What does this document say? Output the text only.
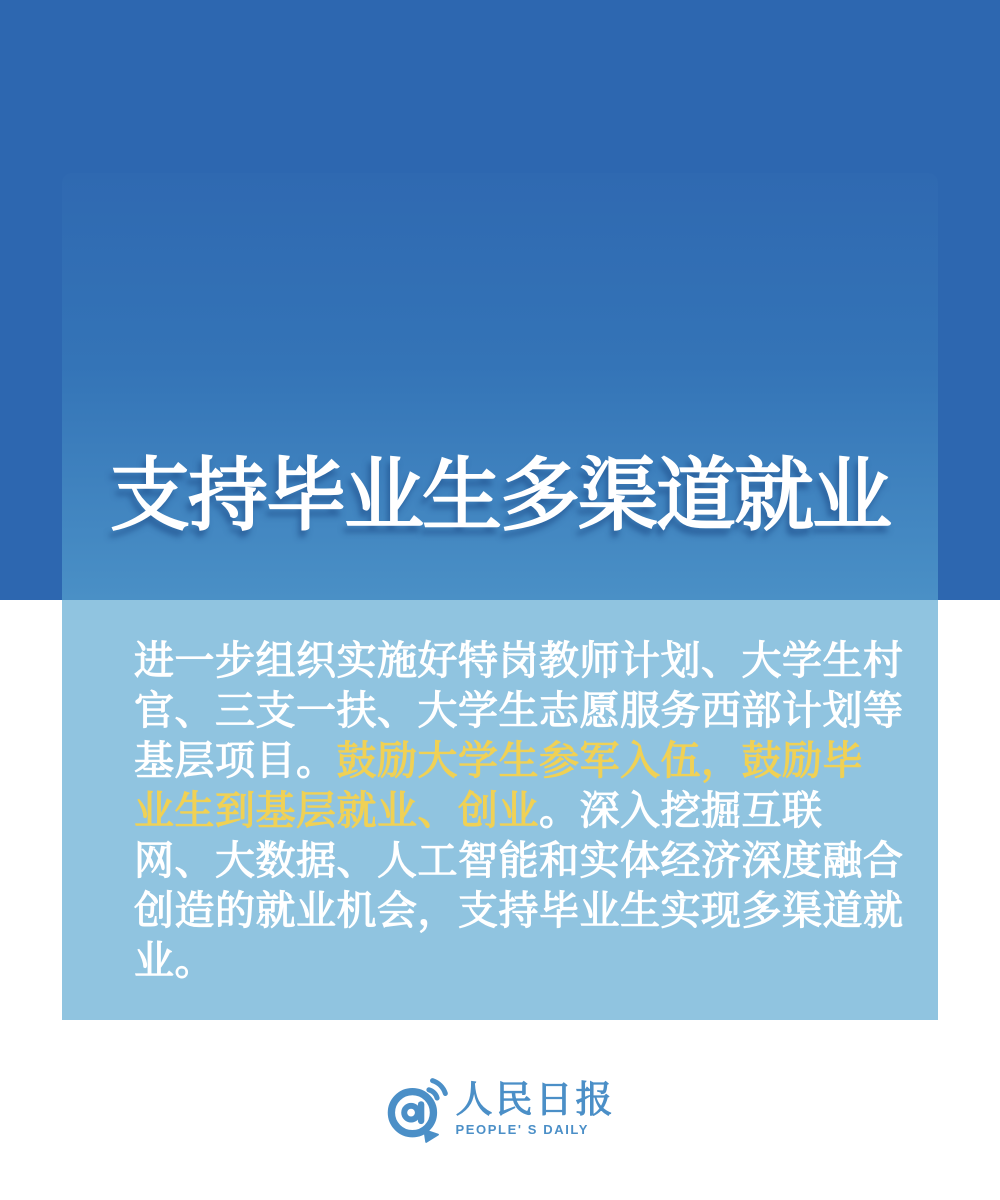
支持毕业生多渠道就业
进一步组织实施好特岗教师计划、大学生村
官、三支一扶、大学生志愿服务西部计划等
基层项目。鼓励大学生参军入伍，鼓励毕
业生到基层就业、创业。深入挖掘互联
网、大数据、人工智能和实体经济深度融合
创造的就业机会，支持毕业生实现多渠道就
业。
人民日报
PEOPLE' S DAILY
